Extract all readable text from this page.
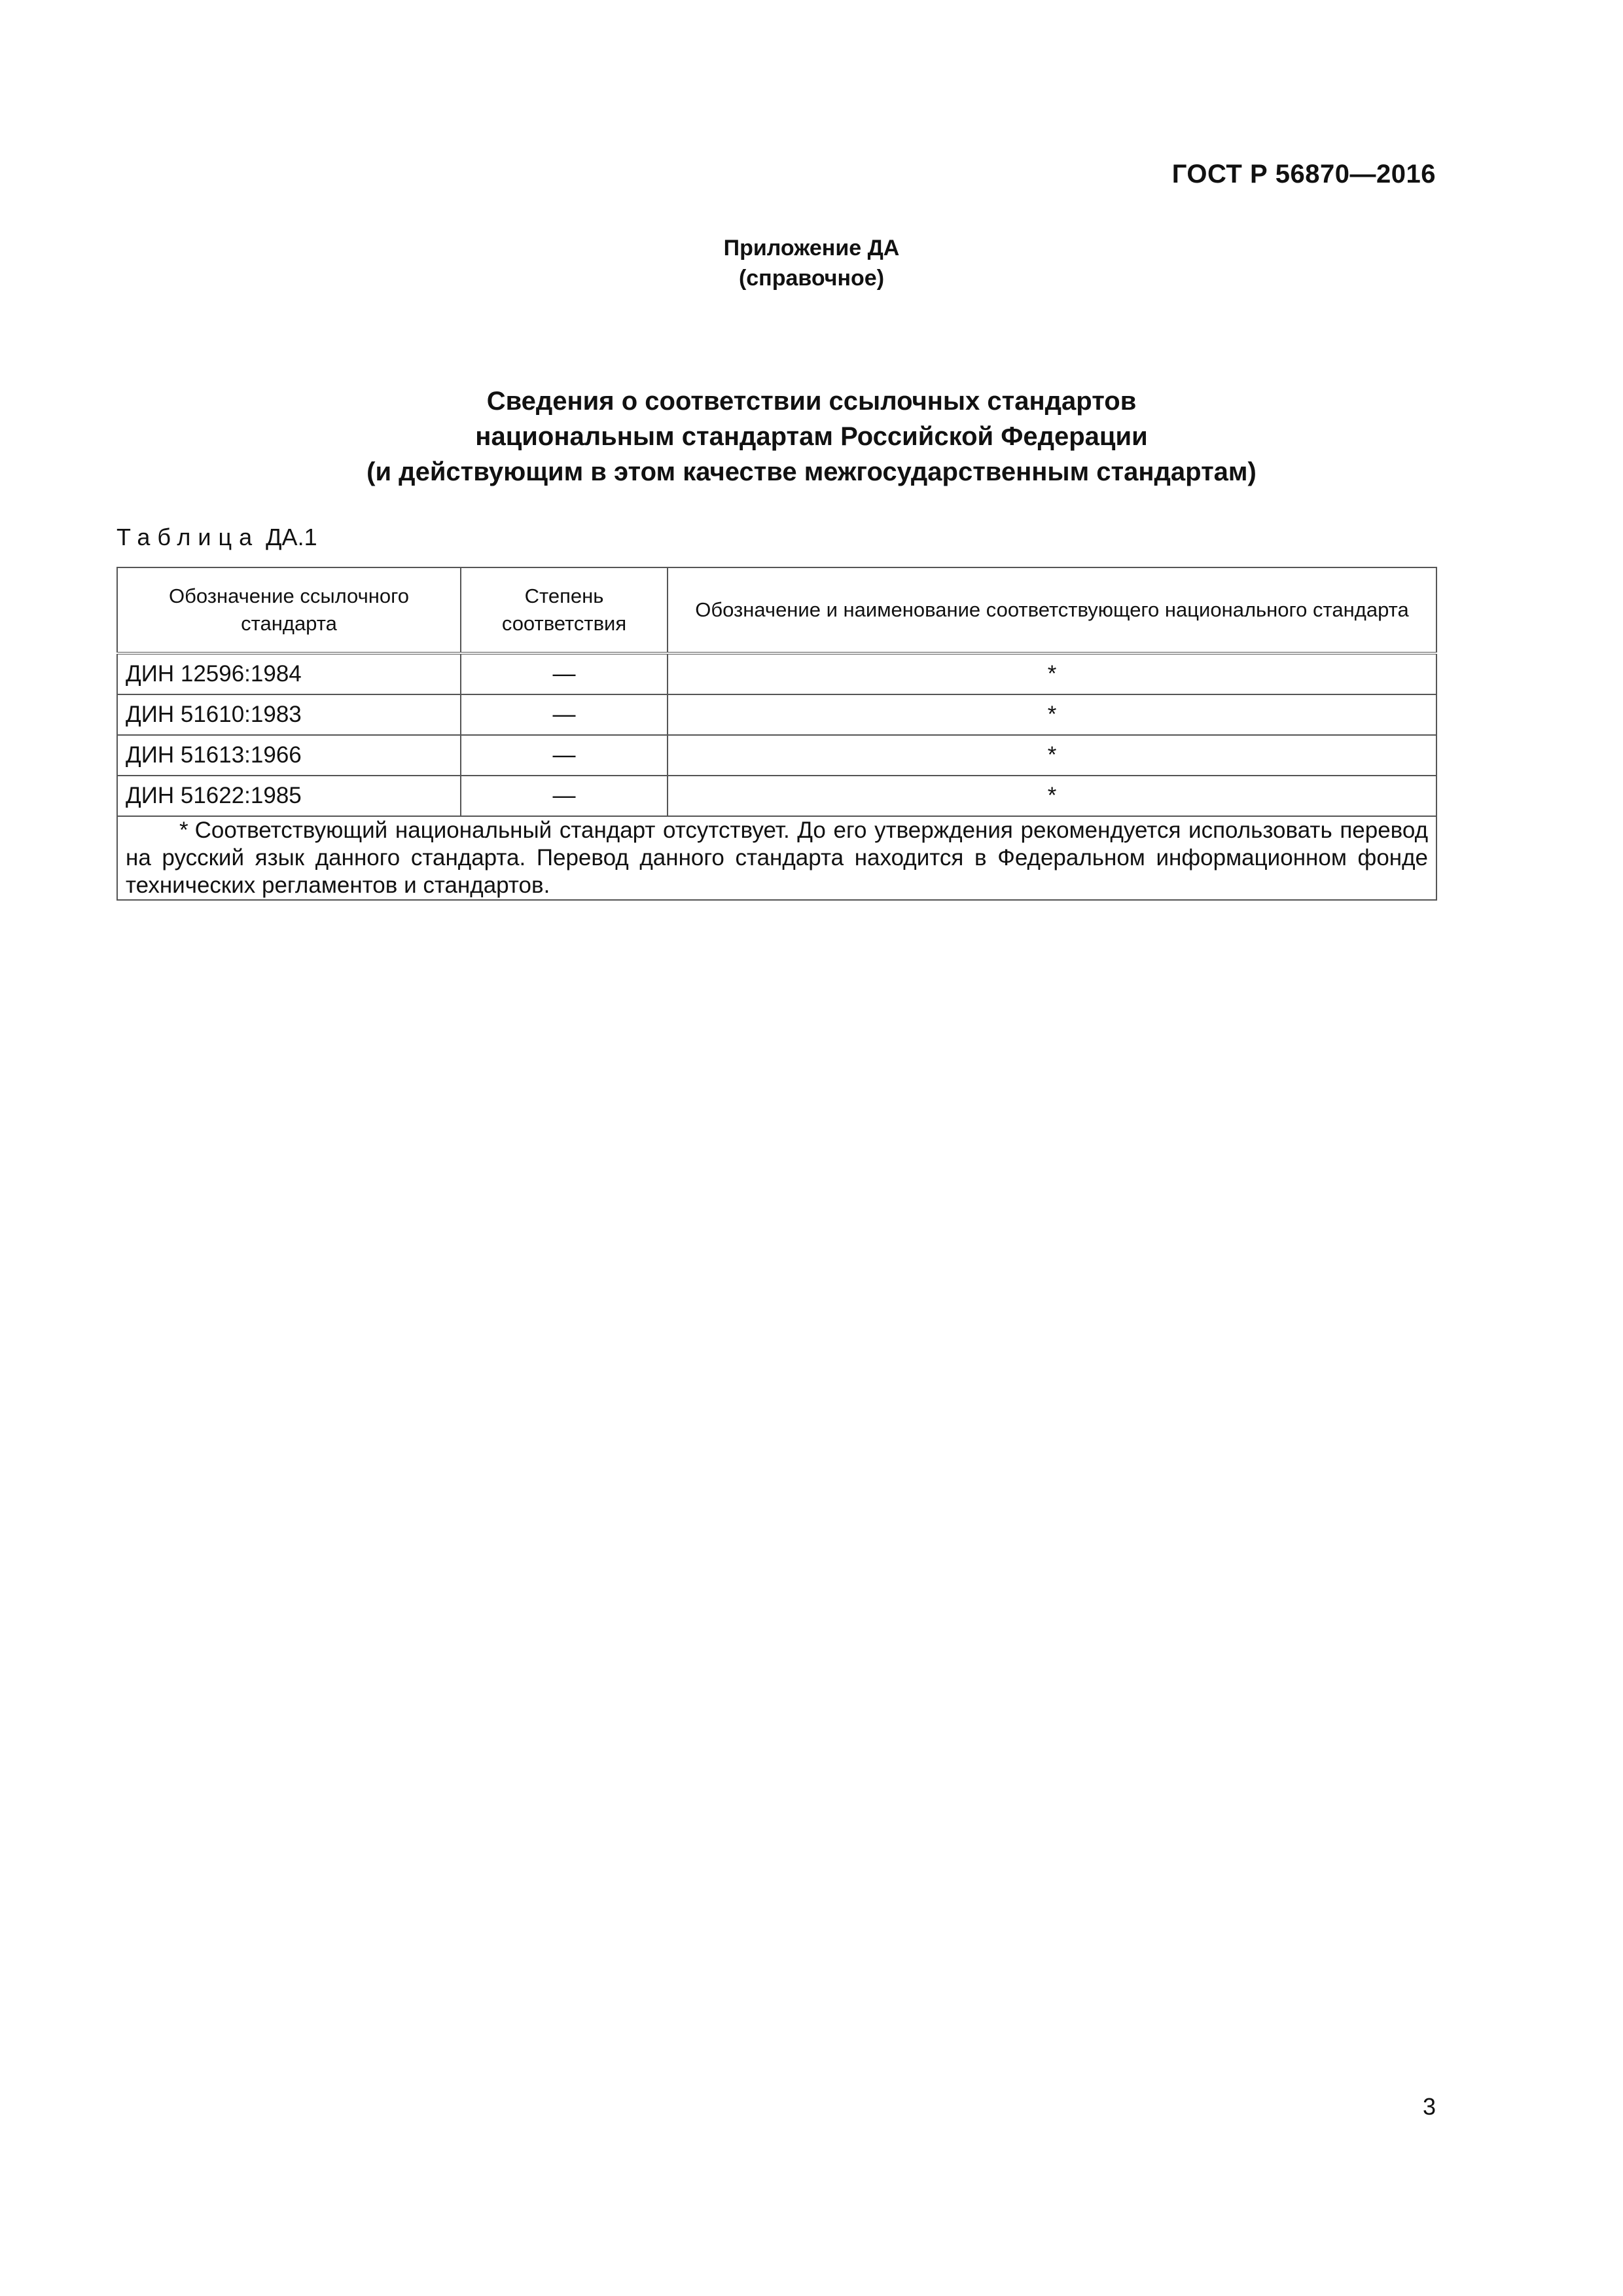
ГОСТ Р 56870—2016
Приложение ДА
(справочное)
Сведения о соответствии ссылочных стандартов
национальным стандартам Российской Федерации
(и действующим в этом качестве межгосударственным стандартам)
Таблица ДА.1
Обозначение ссылочного стандарта	Степень соответствия	Обозначение и наименование соответствующего национального стандарта
ДИН 12596:1984	—	*
ДИН 51610:1983	—	*
ДИН 51613:1966	—	*
ДИН 51622:1985	—	*
* Соответствующий национальный стандарт отсутствует. До его утверждения рекомендуется использовать перевод на русский язык данного стандарта. Перевод данного стандарта находится в Федеральном информационном фонде технических регламентов и стандартов.		
3
